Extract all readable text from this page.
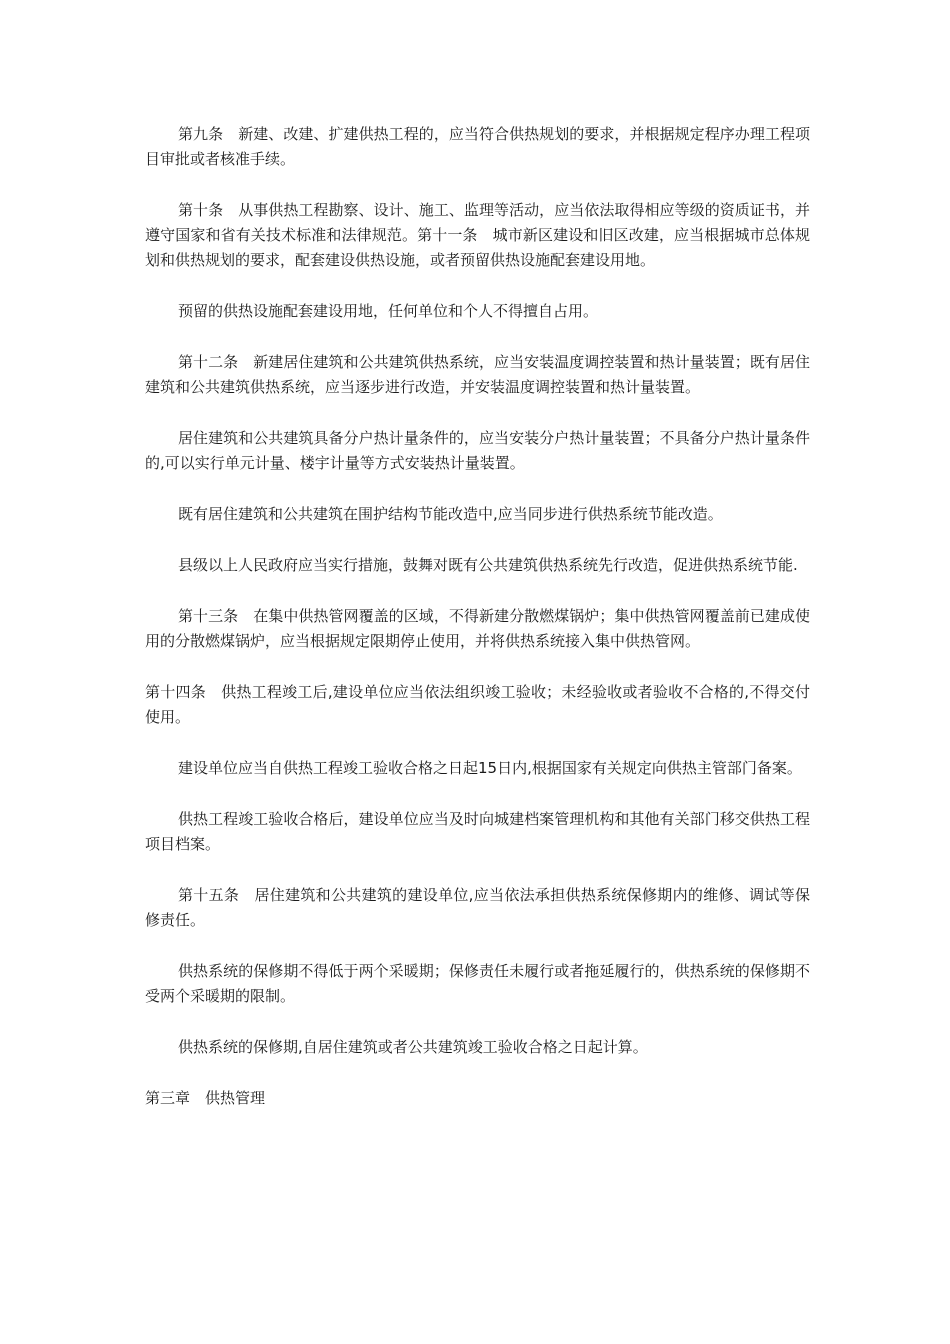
第九条　新建、改建、扩建供热工程的，应当符合供热规划的要求，并根据规定程序办理工程项目审批或者核准手续。

第十条　从事供热工程勘察、设计、施工、监理等活动，应当依法取得相应等级的资质证书，并遵守国家和省有关技术标准和法律规范。第十一条　城市新区建设和旧区改建，应当根据城市总体规划和供热规划的要求，配套建设供热设施，或者预留供热设施配套建设用地。

预留的供热设施配套建设用地，任何单位和个人不得擅自占用。

第十二条　新建居住建筑和公共建筑供热系统，应当安装温度调控装置和热计量装置；既有居住建筑和公共建筑供热系统，应当逐步进行改造，并安装温度调控装置和热计量装置。

居住建筑和公共建筑具备分户热计量条件的，应当安装分户热计量装置；不具备分户热计量条件的,可以实行单元计量、楼宇计量等方式安装热计量装置。

既有居住建筑和公共建筑在围护结构节能改造中,应当同步进行供热系统节能改造。

县级以上人民政府应当实行措施，鼓舞对既有公共建筑供热系统先行改造，促进供热系统节能.

第十三条　在集中供热管网覆盖的区域，不得新建分散燃煤锅炉；集中供热管网覆盖前已建成使用的分散燃煤锅炉，应当根据规定限期停止使用，并将供热系统接入集中供热管网。

第十四条　供热工程竣工后,建设单位应当依法组织竣工验收；未经验收或者验收不合格的,不得交付使用。

建设单位应当自供热工程竣工验收合格之日起15日内,根据国家有关规定向供热主管部门备案。

供热工程竣工验收合格后，建设单位应当及时向城建档案管理机构和其他有关部门移交供热工程项目档案。

第十五条　居住建筑和公共建筑的建设单位,应当依法承担供热系统保修期内的维修、调试等保修责任。

供热系统的保修期不得低于两个采暖期；保修责任未履行或者拖延履行的，供热系统的保修期不受两个采暖期的限制。

供热系统的保修期,自居住建筑或者公共建筑竣工验收合格之日起计算。

第三章　供热管理
